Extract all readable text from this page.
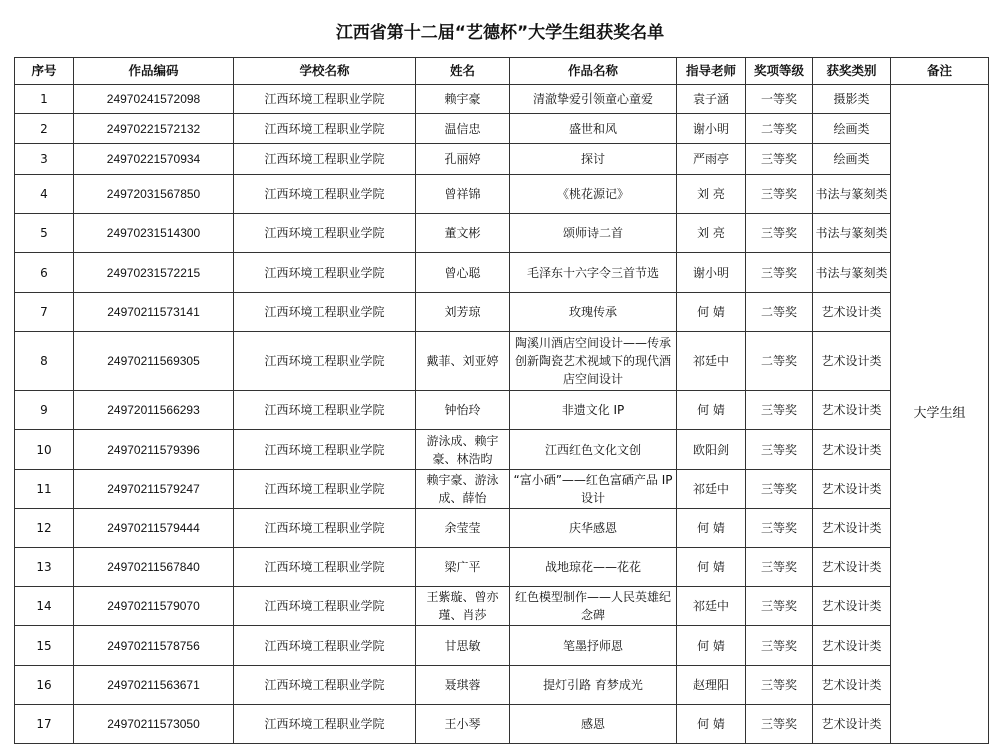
江西省第十二届“艺德杯”大学生组获奖名单
序号	作品编码	学校名称	姓名	作品名称	指导老师	奖项等级	获奖类别	备注
1	24970241572098	江西环境工程职业学院	赖宇豪	清澈挚爱引领童心童爱	袁子涵	一等奖	摄影类	大学生组
2	24970221572132	江西环境工程职业学院	温信忠	盛世和风	谢小明	二等奖	绘画类	
3	24970221570934	江西环境工程职业学院	孔丽婷	探讨	严雨亭	三等奖	绘画类	
4	24972031567850	江西环境工程职业学院	曾祥锦	《桃花源记》	刘 亮	三等奖	书法与篆刻类	
5	24970231514300	江西环境工程职业学院	董文彬	颂师诗二首	刘 亮	三等奖	书法与篆刻类	
6	24970231572215	江西环境工程职业学院	曾心聪	毛泽东十六字令三首节选	谢小明	三等奖	书法与篆刻类	
7	24970211573141	江西环境工程职业学院	刘芳琼	玫瑰传承	何 婧	二等奖	艺术设计类	
8	24970211569305	江西环境工程职业学院	戴菲、刘亚婷	陶溪川酒店空间设计——传承创新陶瓷艺术视域下的现代酒店空间设计	祁廷中	二等奖	艺术设计类	
9	24972011566293	江西环境工程职业学院	钟怡玲	非遗文化 IP	何 婧	三等奖	艺术设计类	
10	24970211579396	江西环境工程职业学院	游泳成、赖宇豪、林浩昀	江西红色文化文创	欧阳剑	三等奖	艺术设计类	
11	24970211579247	江西环境工程职业学院	赖宇豪、游泳成、薛怡	“富小硒”——红色富硒产品 IP 设计	祁廷中	三等奖	艺术设计类	
12	24970211579444	江西环境工程职业学院	余莹莹	庆华感恩	何 婧	三等奖	艺术设计类	
13	24970211567840	江西环境工程职业学院	梁广平	战地琼花——花花	何 婧	三等奖	艺术设计类	
14	24970211579070	江西环境工程职业学院	王紫璇、曾亦瑾、肖莎	红色模型制作——人民英雄纪念碑	祁廷中	三等奖	艺术设计类	
15	24970211578756	江西环境工程职业学院	甘思敏	笔墨抒师恩	何 婧	三等奖	艺术设计类	
16	24970211563671	江西环境工程职业学院	聂琪蓉	提灯引路 育梦成光	赵理阳	三等奖	艺术设计类	
17	24970211573050	江西环境工程职业学院	王小琴	感恩	何 婧	三等奖	艺术设计类	
